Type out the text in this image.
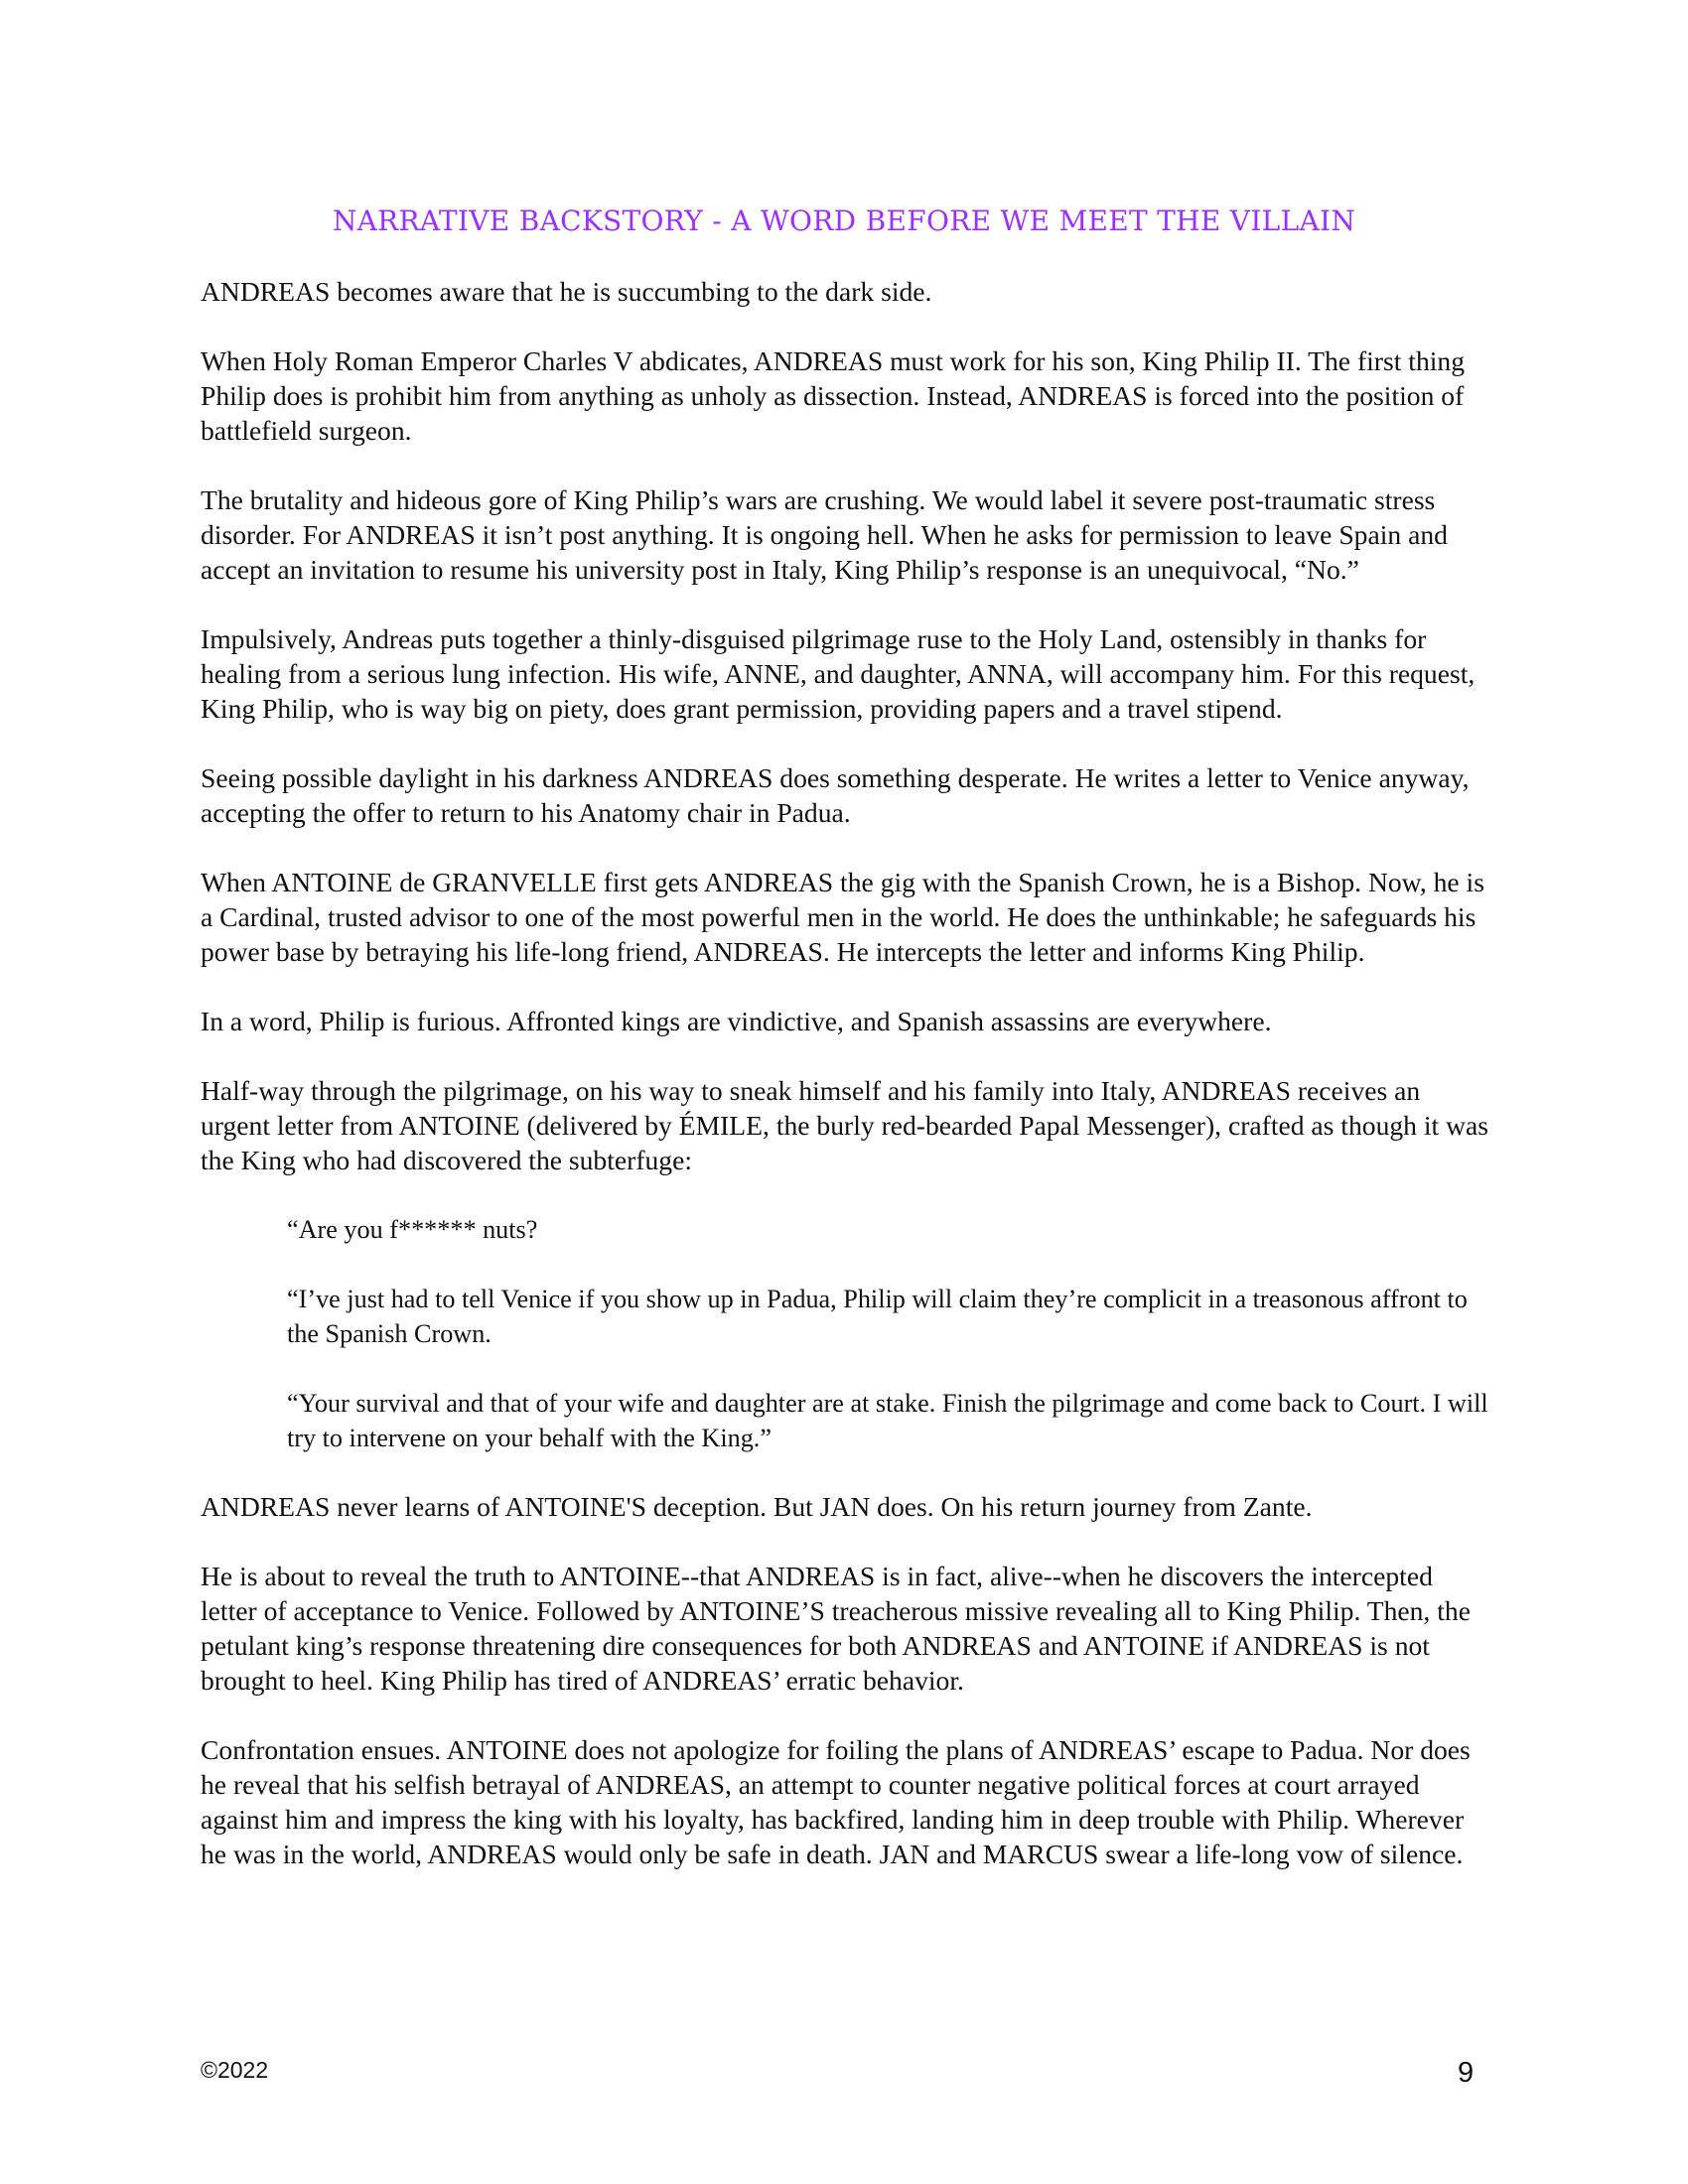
NARRATIVE BACKSTORY - A WORD BEFORE WE MEET THE VILLAIN

ANDREAS becomes aware that he is succumbing to the dark side.

When Holy Roman Emperor Charles V abdicates, ANDREAS must work for his son, King Philip II. The first thing Philip does is prohibit him from anything as unholy as dissection. Instead, ANDREAS is forced into the position of battlefield surgeon.

The brutality and hideous gore of King Philip’s wars are crushing. We would label it severe post-traumatic stress disorder. For ANDREAS it isn’t post anything. It is ongoing hell. When he asks for permission to leave Spain and accept an invitation to resume his university post in Italy, King Philip’s response is an unequivocal, “No.”

Impulsively, Andreas puts together a thinly-disguised pilgrimage ruse to the Holy Land, ostensibly in thanks for healing from a serious lung infection. His wife, ANNE, and daughter, ANNA, will accompany him. For this request, King Philip, who is way big on piety, does grant permission, providing papers and a travel stipend.

Seeing possible daylight in his darkness ANDREAS does something desperate. He writes a letter to Venice anyway, accepting the offer to return to his Anatomy chair in Padua.

When ANTOINE de GRANVELLE first gets ANDREAS the gig with the Spanish Crown, he is a Bishop. Now, he is a Cardinal, trusted advisor to one of the most powerful men in the world. He does the unthinkable; he safeguards his power base by betraying his life-long friend, ANDREAS. He intercepts the letter and informs King Philip.

In a word, Philip is furious. Affronted kings are vindictive, and Spanish assassins are everywhere.

Half-way through the pilgrimage, on his way to sneak himself and his family into Italy, ANDREAS receives an urgent letter from ANTOINE (delivered by ÉMILE, the burly red-bearded Papal Messenger), crafted as though it was the King who had discovered the subterfuge:

“Are you f****** nuts?

“I’ve just had to tell Venice if you show up in Padua, Philip will claim they’re complicit in a treasonous affront to the Spanish Crown.

“Your survival and that of your wife and daughter are at stake. Finish the pilgrimage and come back to Court. I will try to intervene on your behalf with the King.”

ANDREAS never learns of ANTOINE'S deception. But JAN does. On his return journey from Zante.

He is about to reveal the truth to ANTOINE--that ANDREAS is in fact, alive--when he discovers the intercepted letter of acceptance to Venice. Followed by ANTOINE’S treacherous missive revealing all to King Philip. Then, the petulant king’s response threatening dire consequences for both ANDREAS and ANTOINE if ANDREAS is not brought to heel. King Philip has tired of ANDREAS’ erratic behavior.

Confrontation ensues. ANTOINE does not apologize for foiling the plans of ANDREAS’ escape to Padua. Nor does he reveal that his selfish betrayal of ANDREAS, an attempt to counter negative political forces at court arrayed against him and impress the king with his loyalty, has backfired, landing him in deep trouble with Philip. Wherever he was in the world, ANDREAS would only be safe in death. JAN and MARCUS swear a life-long vow of silence.

©2022	9
